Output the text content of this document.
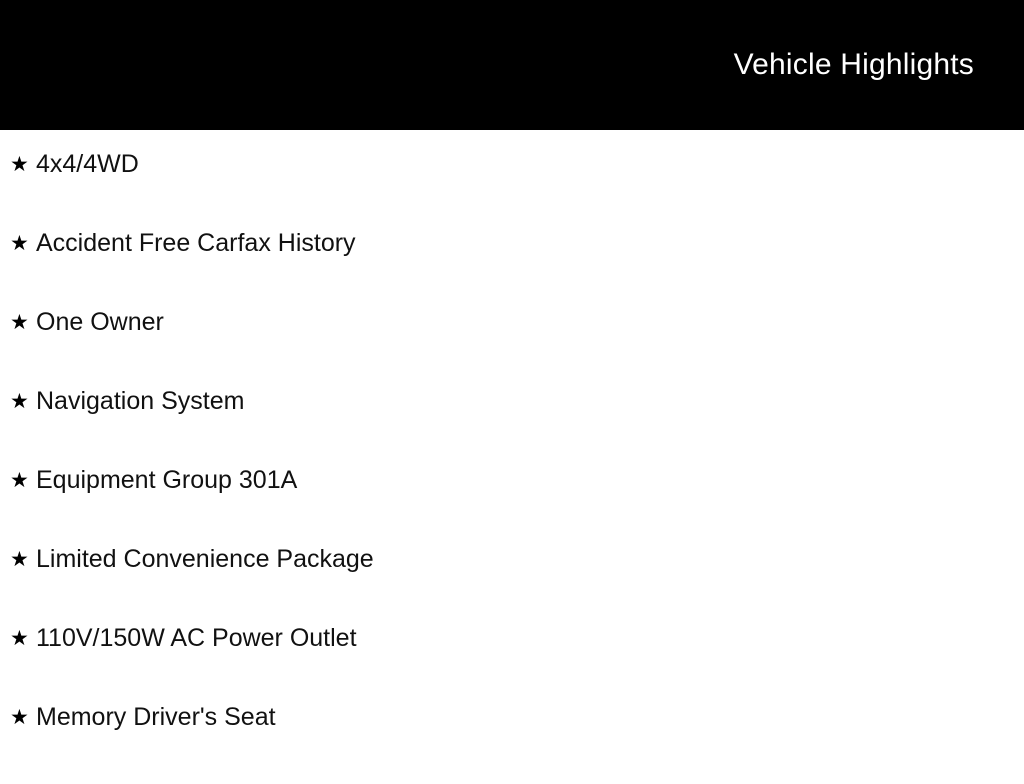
Vehicle Highlights
★ 4x4/4WD
★ Accident Free Carfax History
★ One Owner
★ Navigation System
★ Equipment Group 301A
★ Limited Convenience Package
★ 110V/150W AC Power Outlet
★ Memory Driver's Seat
